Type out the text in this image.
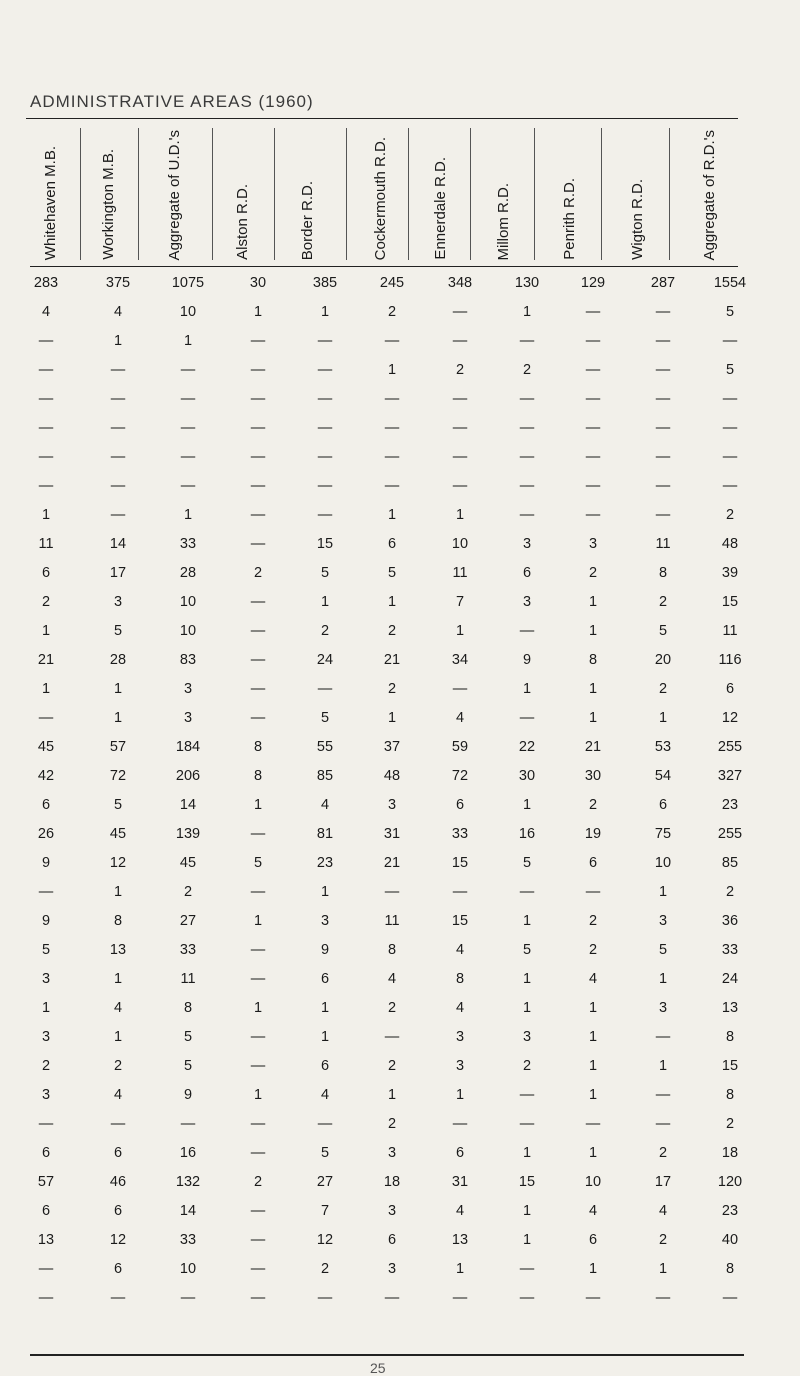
ADMINISTRATIVE AREAS (1960)
Whitehaven M.B.	Workington M.B.	Aggregate of U.D.'s	Alston R.D.	Border R.D.	Cockermouth R.D.	Ennerdale R.D.	Millom R.D.	Penrith R.D.	Wigton R.D.	Aggregate of R.D.'s
283	375	1075	30	385	245	348	130	129	287	1554
4	4	10	1	1	2	—	1	—	—	5
—	1	1	—	—	—	—	—	—	—	—
—	—	—	—	—	1	2	2	—	—	5
—	—	—	—	—	—	—	—	—	—	—
—	—	—	—	—	—	—	—	—	—	—
—	—	—	—	—	—	—	—	—	—	—
—	—	—	—	—	—	—	—	—	—	—
1	—	1	—	—	1	1	—	—	—	2
11	14	33	—	15	6	10	3	3	11	48
6	17	28	2	5	5	11	6	2	8	39
2	3	10	—	1	1	7	3	1	2	15
1	5	10	—	2	2	1	—	1	5	11
21	28	83	—	24	21	34	9	8	20	116
1	1	3	—	—	2	—	1	1	2	6
—	1	3	—	5	1	4	—	1	1	12
45	57	184	8	55	37	59	22	21	53	255
42	72	206	8	85	48	72	30	30	54	327
6	5	14	1	4	3	6	1	2	6	23
26	45	139	—	81	31	33	16	19	75	255
9	12	45	5	23	21	15	5	6	10	85
—	1	2	—	1	—	—	—	—	1	2
9	8	27	1	3	11	15	1	2	3	36
5	13	33	—	9	8	4	5	2	5	33
3	1	11	—	6	4	8	1	4	1	24
1	4	8	1	1	2	4	1	1	3	13
3	1	5	—	1	—	3	3	1	—	8
2	2	5	—	6	2	3	2	1	1	15
3	4	9	1	4	1	1	—	1	—	8
—	—	—	—	—	2	—	—	—	—	2
6	6	16	—	5	3	6	1	1	2	18
57	46	132	2	27	18	31	15	10	17	120
6	6	14	—	7	3	4	1	4	4	23
13	12	33	—	12	6	13	1	6	2	40
—	6	10	—	2	3	1	—	1	1	8
—	—	—	—	—	—	—	—	—	—	—
25
